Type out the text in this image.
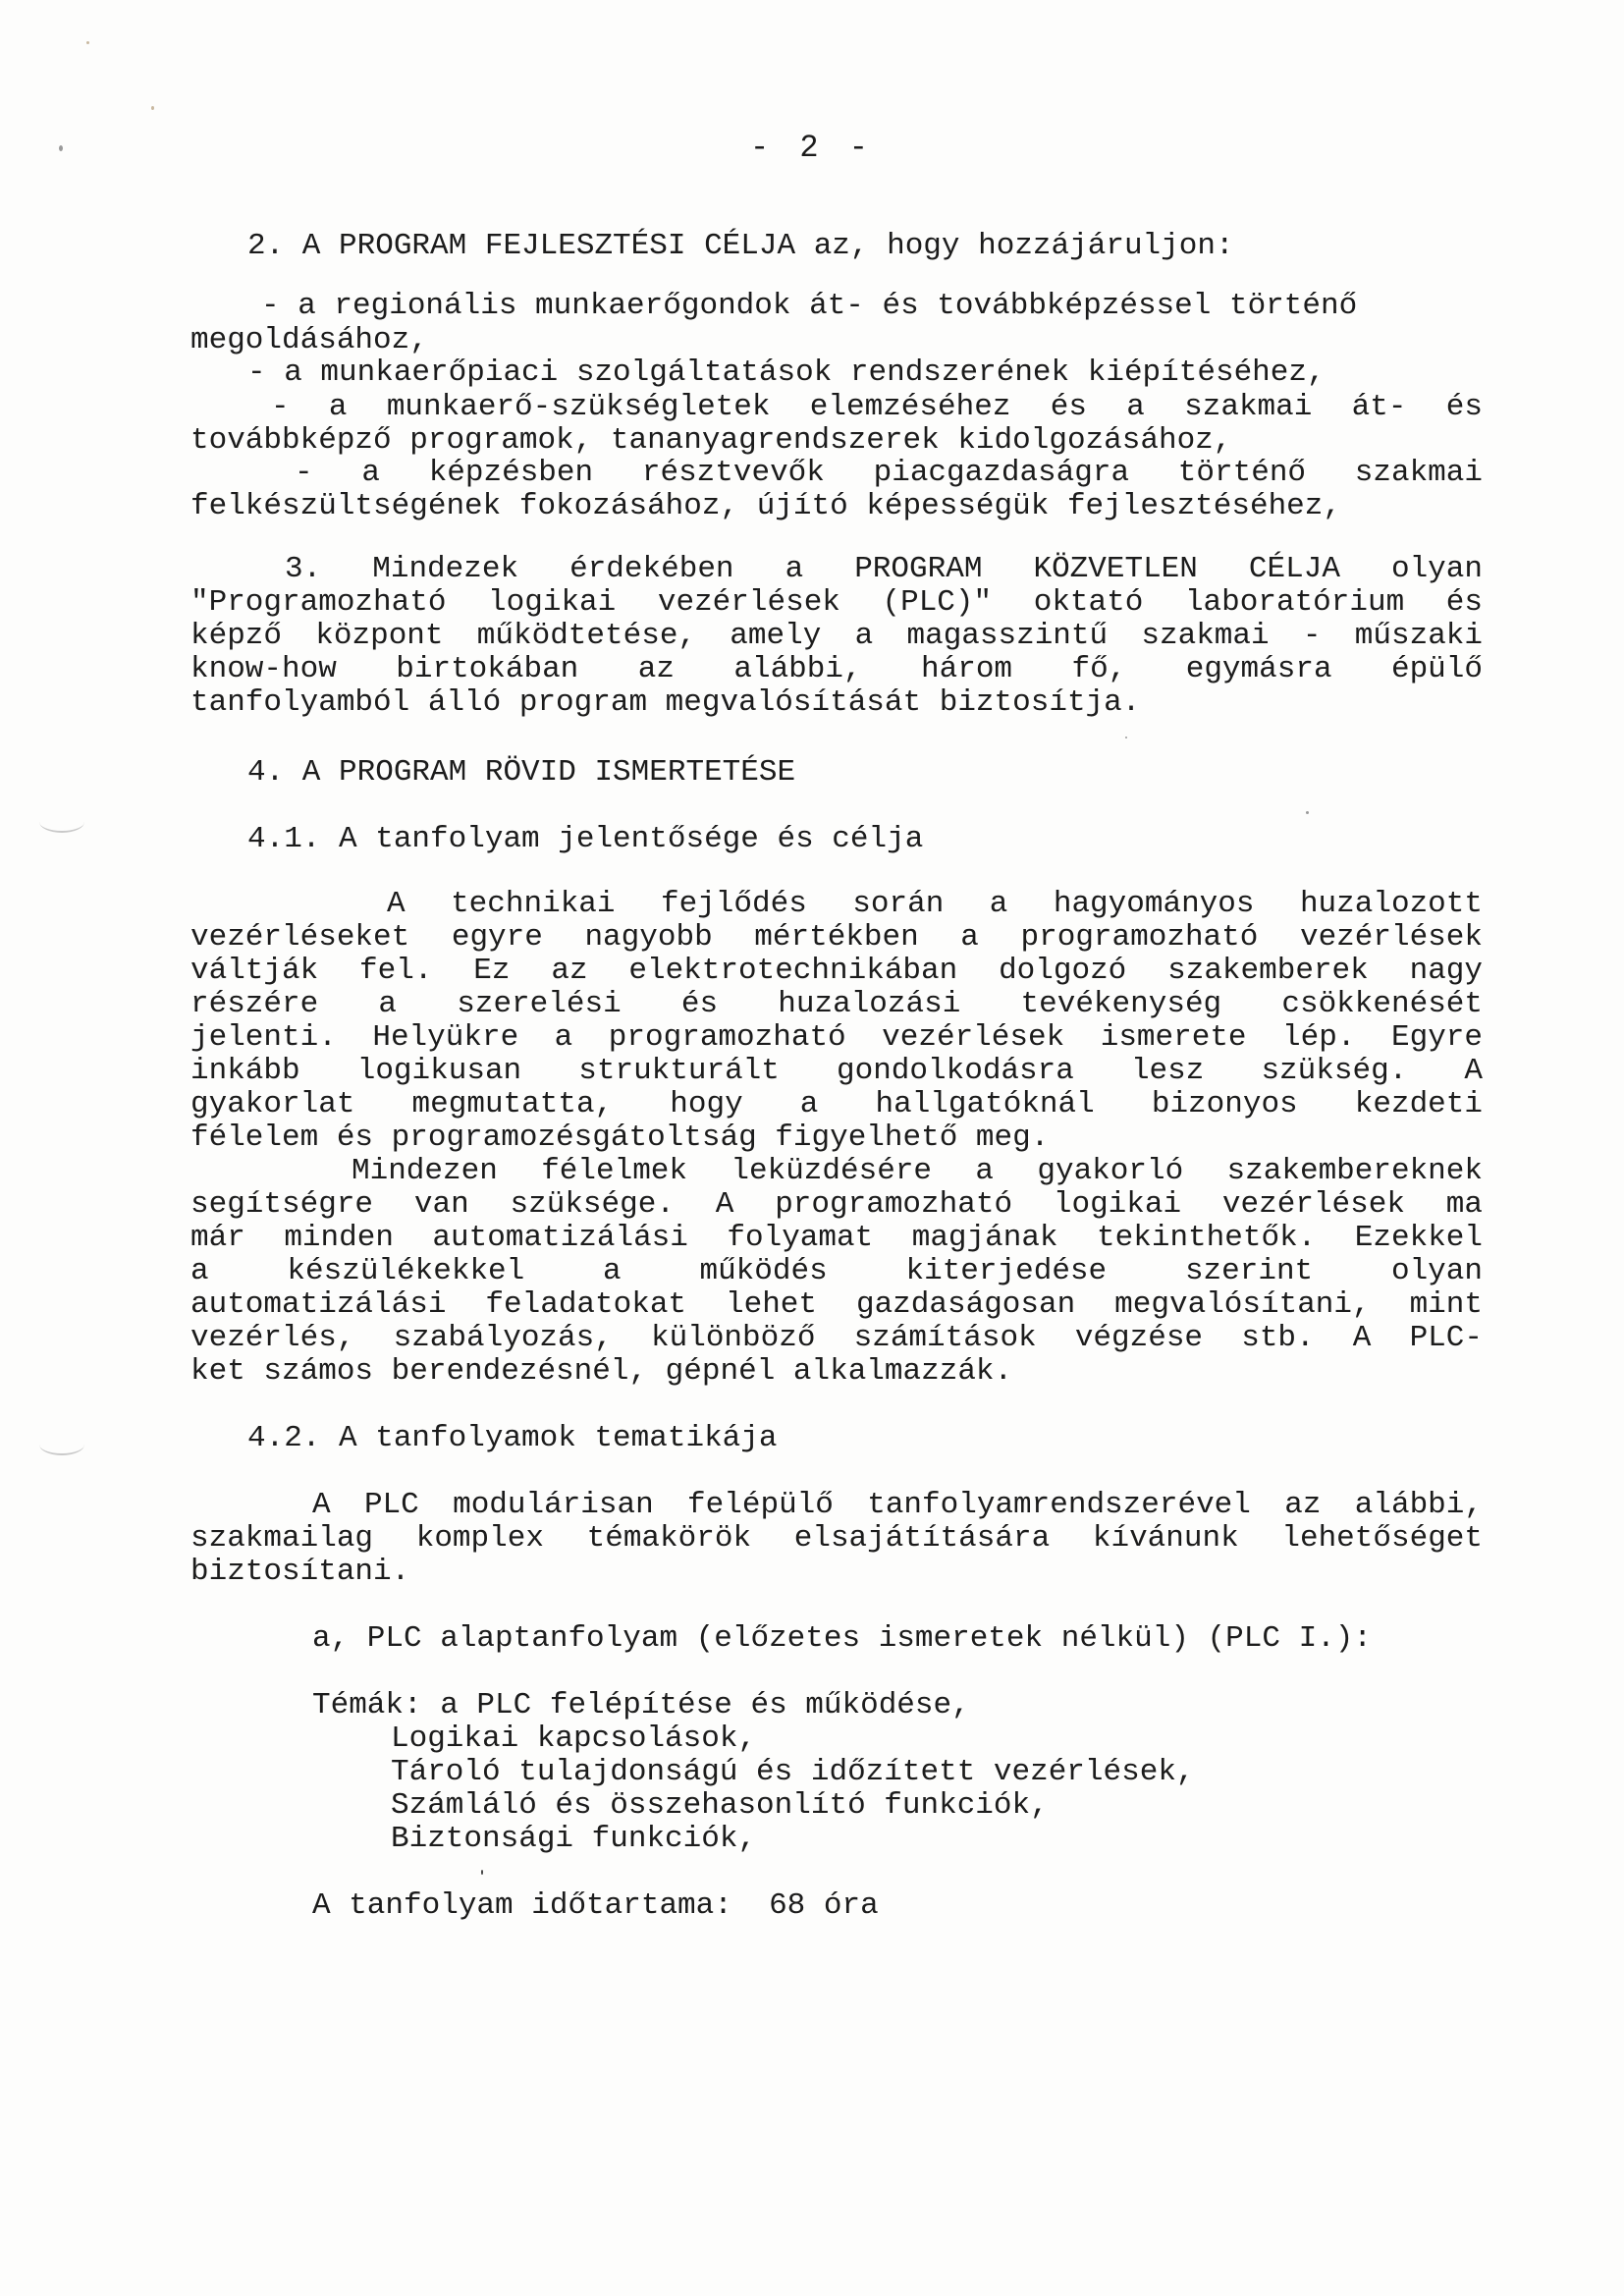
- 2 -
2. A PROGRAM FEJLESZTÉSI CÉLJA az, hogy hozzájáruljon:
- a regionális munkaerőgondok át- és továbbképzéssel történő
megoldásához,
- a munkaerőpiaci szolgáltatások rendszerének kiépítéséhez,
- a munkaerő-szükségletek elemzéséhez és a szakmai át- és
továbbképző programok, tananyagrendszerek kidolgozásához,
- a képzésben résztvevők piacgazdaságra történő szakmai
felkészültségének fokozásához, újító képességük fejlesztéséhez,
3. Mindezek érdekében a PROGRAM KÖZVETLEN CÉLJA olyan
"Programozható logikai vezérlések (PLC)" oktató laboratórium és
képző központ működtetése, amely a magasszintű szakmai - műszaki
know-how birtokában az alábbi, három fő, egymásra épülő
tanfolyamból álló program megvalósítását biztosítja.
4. A PROGRAM RÖVID ISMERTETÉSE
4.1. A tanfolyam jelentősége és célja
A technikai fejlődés során a hagyományos huzalozott
vezérléseket egyre nagyobb mértékben a programozható vezérlések
váltják fel. Ez az elektrotechnikában dolgozó szakemberek nagy
részére a szerelési és huzalozási tevékenység csökkenését
jelenti. Helyükre a programozható vezérlések ismerete lép. Egyre
inkább logikusan strukturált gondolkodásra lesz szükség. A
gyakorlat megmutatta, hogy a hallgatóknál bizonyos kezdeti
félelem és programozésgátoltság figyelhető meg.
Mindezen félelmek leküzdésére a gyakorló szakembereknek
segítségre van szüksége. A programozható logikai vezérlések ma
már minden automatizálási folyamat magjának tekinthetők. Ezekkel
a készülékekkel a működés kiterjedése szerint olyan
automatizálási feladatokat lehet gazdaságosan megvalósítani, mint
vezérlés, szabályozás, különböző számítások végzése stb. A PLC-
ket számos berendezésnél, gépnél alkalmazzák.
4.2. A tanfolyamok tematikája
A PLC modulárisan felépülő tanfolyamrendszerével az alábbi,
szakmailag komplex témakörök elsajátítására kívánunk lehetőséget
biztosítani.
a, PLC alaptanfolyam (előzetes ismeretek nélkül) (PLC I.):
Témák: a PLC felépítése és működése,
Logikai kapcsolások,
Tároló tulajdonságú és időzített vezérlések,
Számláló és összehasonlító funkciók,
Biztonsági funkciók,
A tanfolyam időtartama:  68 óra
